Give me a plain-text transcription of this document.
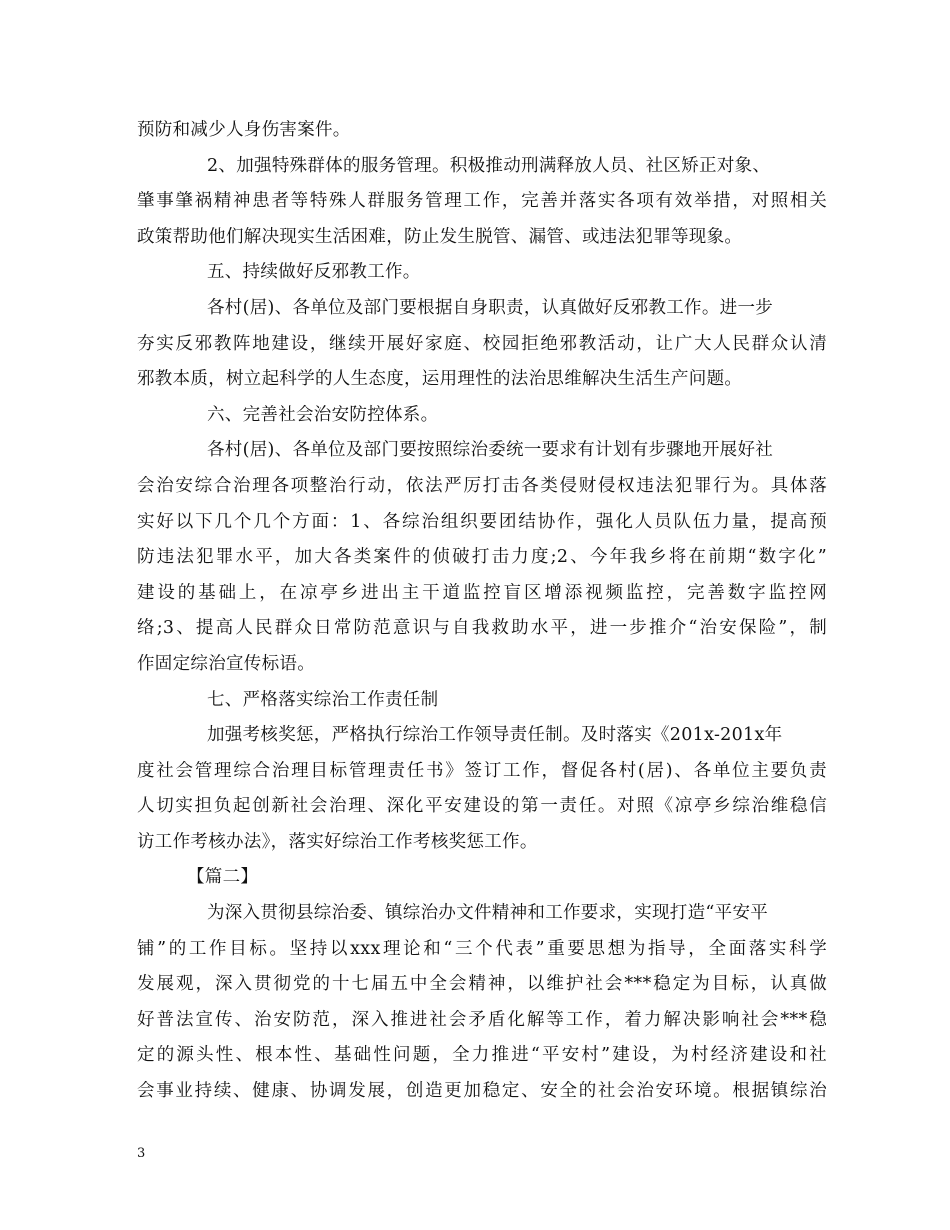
预防和减少人身伤害案件。
2、加强特殊群体的服务管理。积极推动刑满释放人员、社区矫正对象、
肇事肇祸精神患者等特殊人群服务管理工作，完善并落实各项有效举措，对照相关
政策帮助他们解决现实生活困难，防止发生脱管、漏管、或违法犯罪等现象。
五、持续做好反邪教工作。
各村(居)、各单位及部门要根据自身职责，认真做好反邪教工作。进一步
夯实反邪教阵地建设，继续开展好家庭、校园拒绝邪教活动，让广大人民群众认清
邪教本质，树立起科学的人生态度，运用理性的法治思维解决生活生产问题。
六、完善社会治安防控体系。
各村(居)、各单位及部门要按照综治委统一要求有计划有步骤地开展好社
会治安综合治理各项整治行动，依法严厉打击各类侵财侵权违法犯罪行为。具体落
实好以下几个几个方面：1、各综治组织要团结协作，强化人员队伍力量，提高预
防违法犯罪水平，加大各类案件的侦破打击力度;2、今年我乡将在前期“数字化”
建设的基础上，在凉亭乡进出主干道监控盲区增添视频监控，完善数字监控网
络;3、提高人民群众日常防范意识与自我救助水平，进一步推介“治安保险”，制
作固定综治宣传标语。
七、严格落实综治工作责任制
加强考核奖惩，严格执行综治工作领导责任制。及时落实《201x-201x年
度社会管理综合治理目标管理责任书》签订工作，督促各村(居)、各单位主要负责
人切实担负起创新社会治理、深化平安建设的第一责任。对照《凉亭乡综治维稳信
访工作考核办法》，落实好综治工作考核奖惩工作。
【篇二】
为深入贯彻县综治委、镇综治办文件精神和工作要求，实现打造“平安平
铺”的工作目标。坚持以xxx理论和“三个代表”重要思想为指导，全面落实科学
发展观，深入贯彻党的十七届五中全会精神，以维护社会***稳定为目标，认真做
好普法宣传、治安防范，深入推进社会矛盾化解等工作，着力解决影响社会***稳
定的源头性、根本性、基础性问题，全力推进“平安村”建设，为村经济建设和社
会事业持续、健康、协调发展，创造更加稳定、安全的社会治安环境。根据镇综治
3
